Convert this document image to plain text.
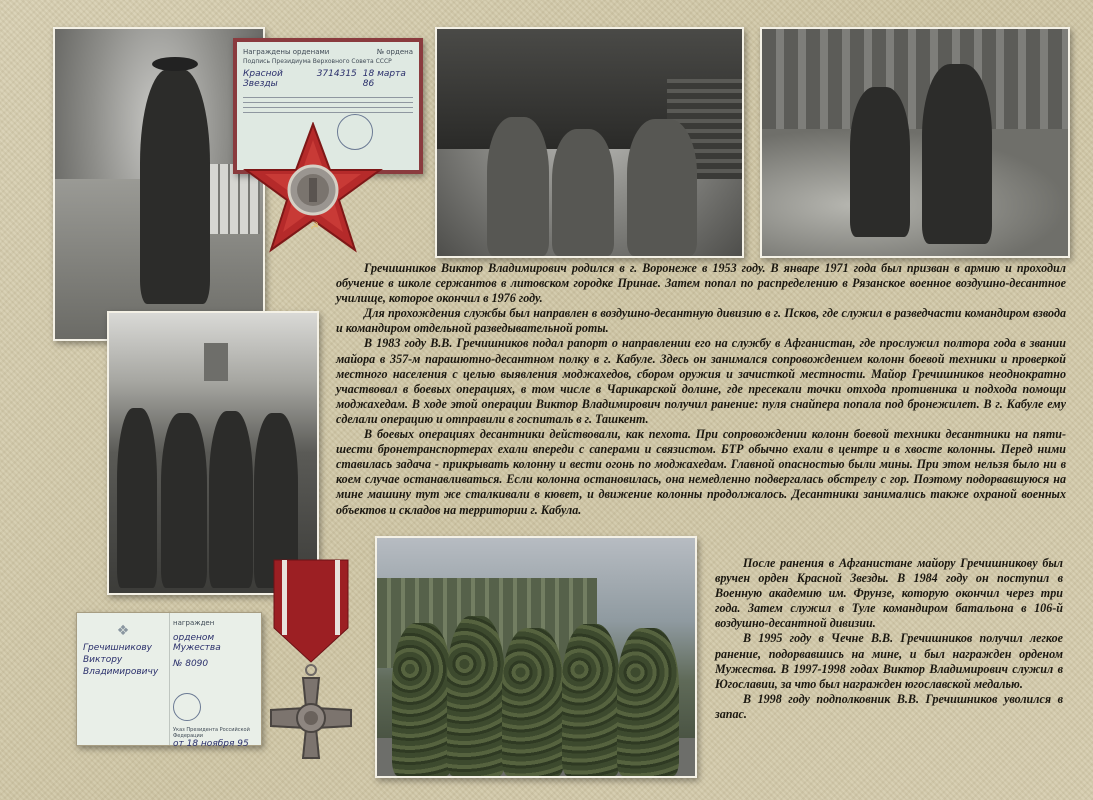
Награждены орденами	№ ордена
Подпись Президиума Верховного Совета СССР
Красной Звезды
3714315 18 марта 86
☭

Гречишников Виктор Владимирович родился в г. Воронеже в 1953 году. В январе 1971 года был призван в армию и проходил обучение в школе сержантов в литовском городке Принае. Затем попал по распределению в Рязанское военное воздушно-десантное училище, которое окончил в 1976 году.

Для прохождения службы был направлен в воздушно-десантную дивизию в г. Псков, где служил в разведчасти командиром взвода и командиром отдельной разведывательной роты.

В 1983 году В.В. Гречишников подал рапорт о направлении его на службу в Афганистан, где прослужил полтора года в звании майора в 357-м парашютно-десантном полку в г. Кабуле. Здесь он занимался сопровождением колонн боевой техники и проверкой местного населения с целью выявления моджахедов, сбором оружия и зачисткой местности. Майор Гречишников неоднократно участвовал в боевых операциях, в том числе в Чарикарской долине, где пресекали точки отхода противника и подхода помощи моджахедам. В ходе этой операции Виктор Владимирович получил ранение: пуля снайпера попала под бронежилет. В г. Кабуле ему сделали операцию и отправили в госпиталь в г. Ташкент.

В боевых операциях десантники действовали, как пехота. При сопровождении колонн боевой техники десантники на пяти-шести бронетранспортерах ехали впереди с саперами и связистом. БТР обычно ехали в центре и в хвосте колонны. Перед ними ставилась задача - прикрывать колонну и вести огонь по моджахедам. Главной опасностью были мины. При этом нельзя было ни в коем случае останавливаться. Если колонна остановилась, она немедленно подвергалась обстрелу с гор. Поэтому подорвавшуюся на мине машину тут же сталкивали в кювет, и движение колонны продолжалось. Десантники занимались также охраной военных объектов и складов на территории г. Кабула.

❖
Гречишникову
Виктору
Владимировичу
награжден
орденом Мужества
№ 8090
Указ Президента Российской Федерации
от 18 ноября 95

После ранения в Афганистане майору Гречишникову был вручен орден Красной Звезды. В 1984 году он поступил в Военную академию им. Фрунзе, которую окончил через три года. Затем служил в Туле командиром батальона в 106-й воздушно-десантной дивизии.

В 1995 году в Чечне В.В. Гречишников получил легкое ранение, подорвавшись на мине, и был награжден орденом Мужества. В 1997-1998 годах Виктор Владимирович служил в Югославии, за что был награжден югославской медалью.

В 1998 году подполковник В.В. Гречишников уволился в запас.
